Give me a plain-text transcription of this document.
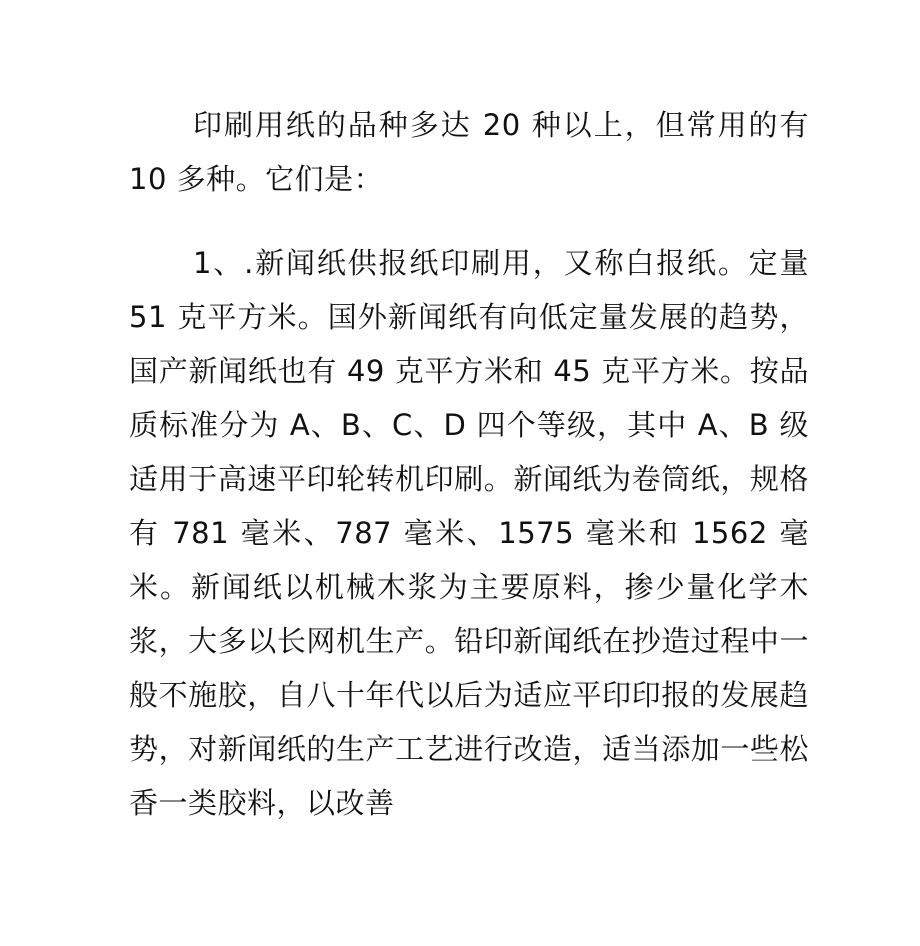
印刷用纸的品种多达 20 种以上，但常用的有 10 多种。它们是：

1、.新闻纸供报纸印刷用，又称白报纸。定量 51 克平方米。国外新闻纸有向低定量发展的趋势，国产新闻纸也有 49 克平方米和 45 克平方米。按品质标准分为 A、B、C、D 四个等级，其中 A、B 级适用于高速平印轮转机印刷。新闻纸为卷筒纸，规格有 781 毫米、787 毫米、1575 毫米和 1562 毫米。新闻纸以机械木浆为主要原料，掺少量化学木浆，大多以长网机生产。铅印新闻纸在抄造过程中一般不施胶，自八十年代以后为适应平印印报的发展趋势，对新闻纸的生产工艺进行改造，适当添加一些松香一类胶料，以改善
